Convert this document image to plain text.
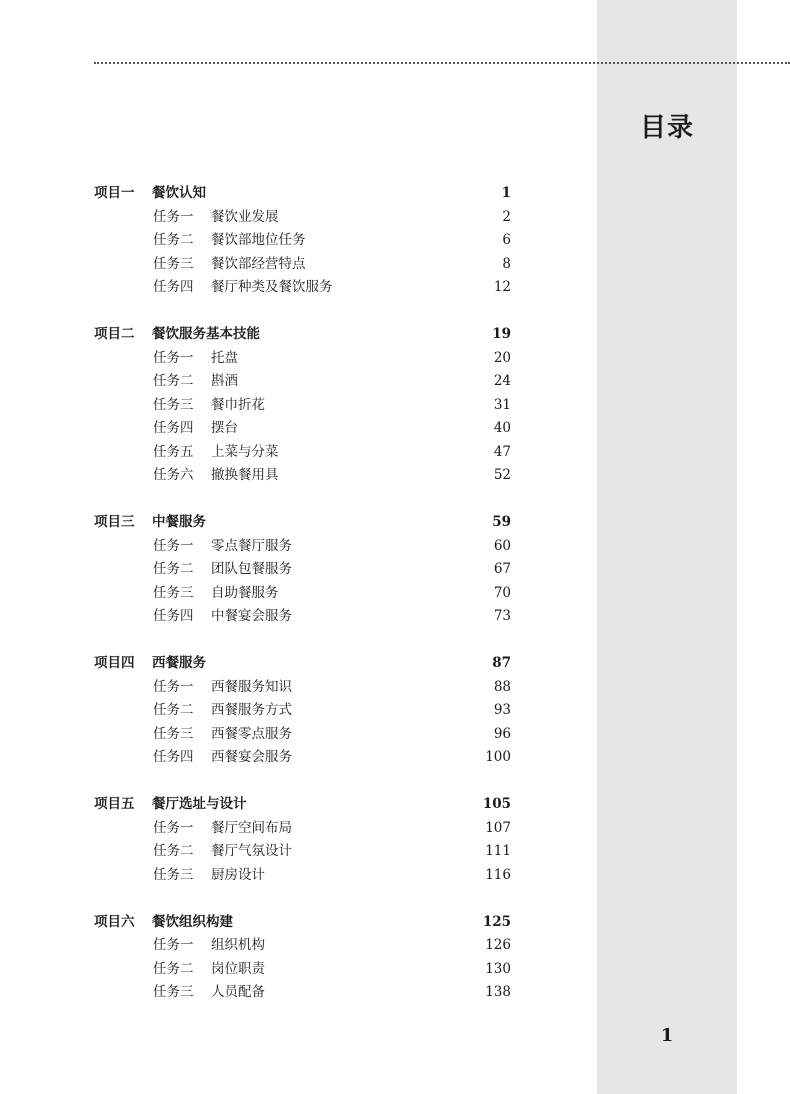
目录
项目一 餐饮认知	1
任务一 餐饮业发展	2
任务二 餐饮部地位任务	6
任务三 餐饮部经营特点	8
任务四 餐厅种类及餐饮服务	12
项目二 餐饮服务基本技能	19
任务一 托盘	20
任务二 斟酒	24
任务三 餐巾折花	31
任务四 摆台	40
任务五 上菜与分菜	47
任务六 撤换餐用具	52
项目三 中餐服务	59
任务一 零点餐厅服务	60
任务二 团队包餐服务	67
任务三 自助餐服务	70
任务四 中餐宴会服务	73
项目四 西餐服务	87
任务一 西餐服务知识	88
任务二 西餐服务方式	93
任务三 西餐零点服务	96
任务四 西餐宴会服务	100
项目五 餐厅选址与设计	105
任务一 餐厅空间布局	107
任务二 餐厅气氛设计	111
任务三 厨房设计	116
项目六 餐饮组织构建	125
任务一 组织机构	126
任务二 岗位职责	130
任务三 人员配备	138
1
